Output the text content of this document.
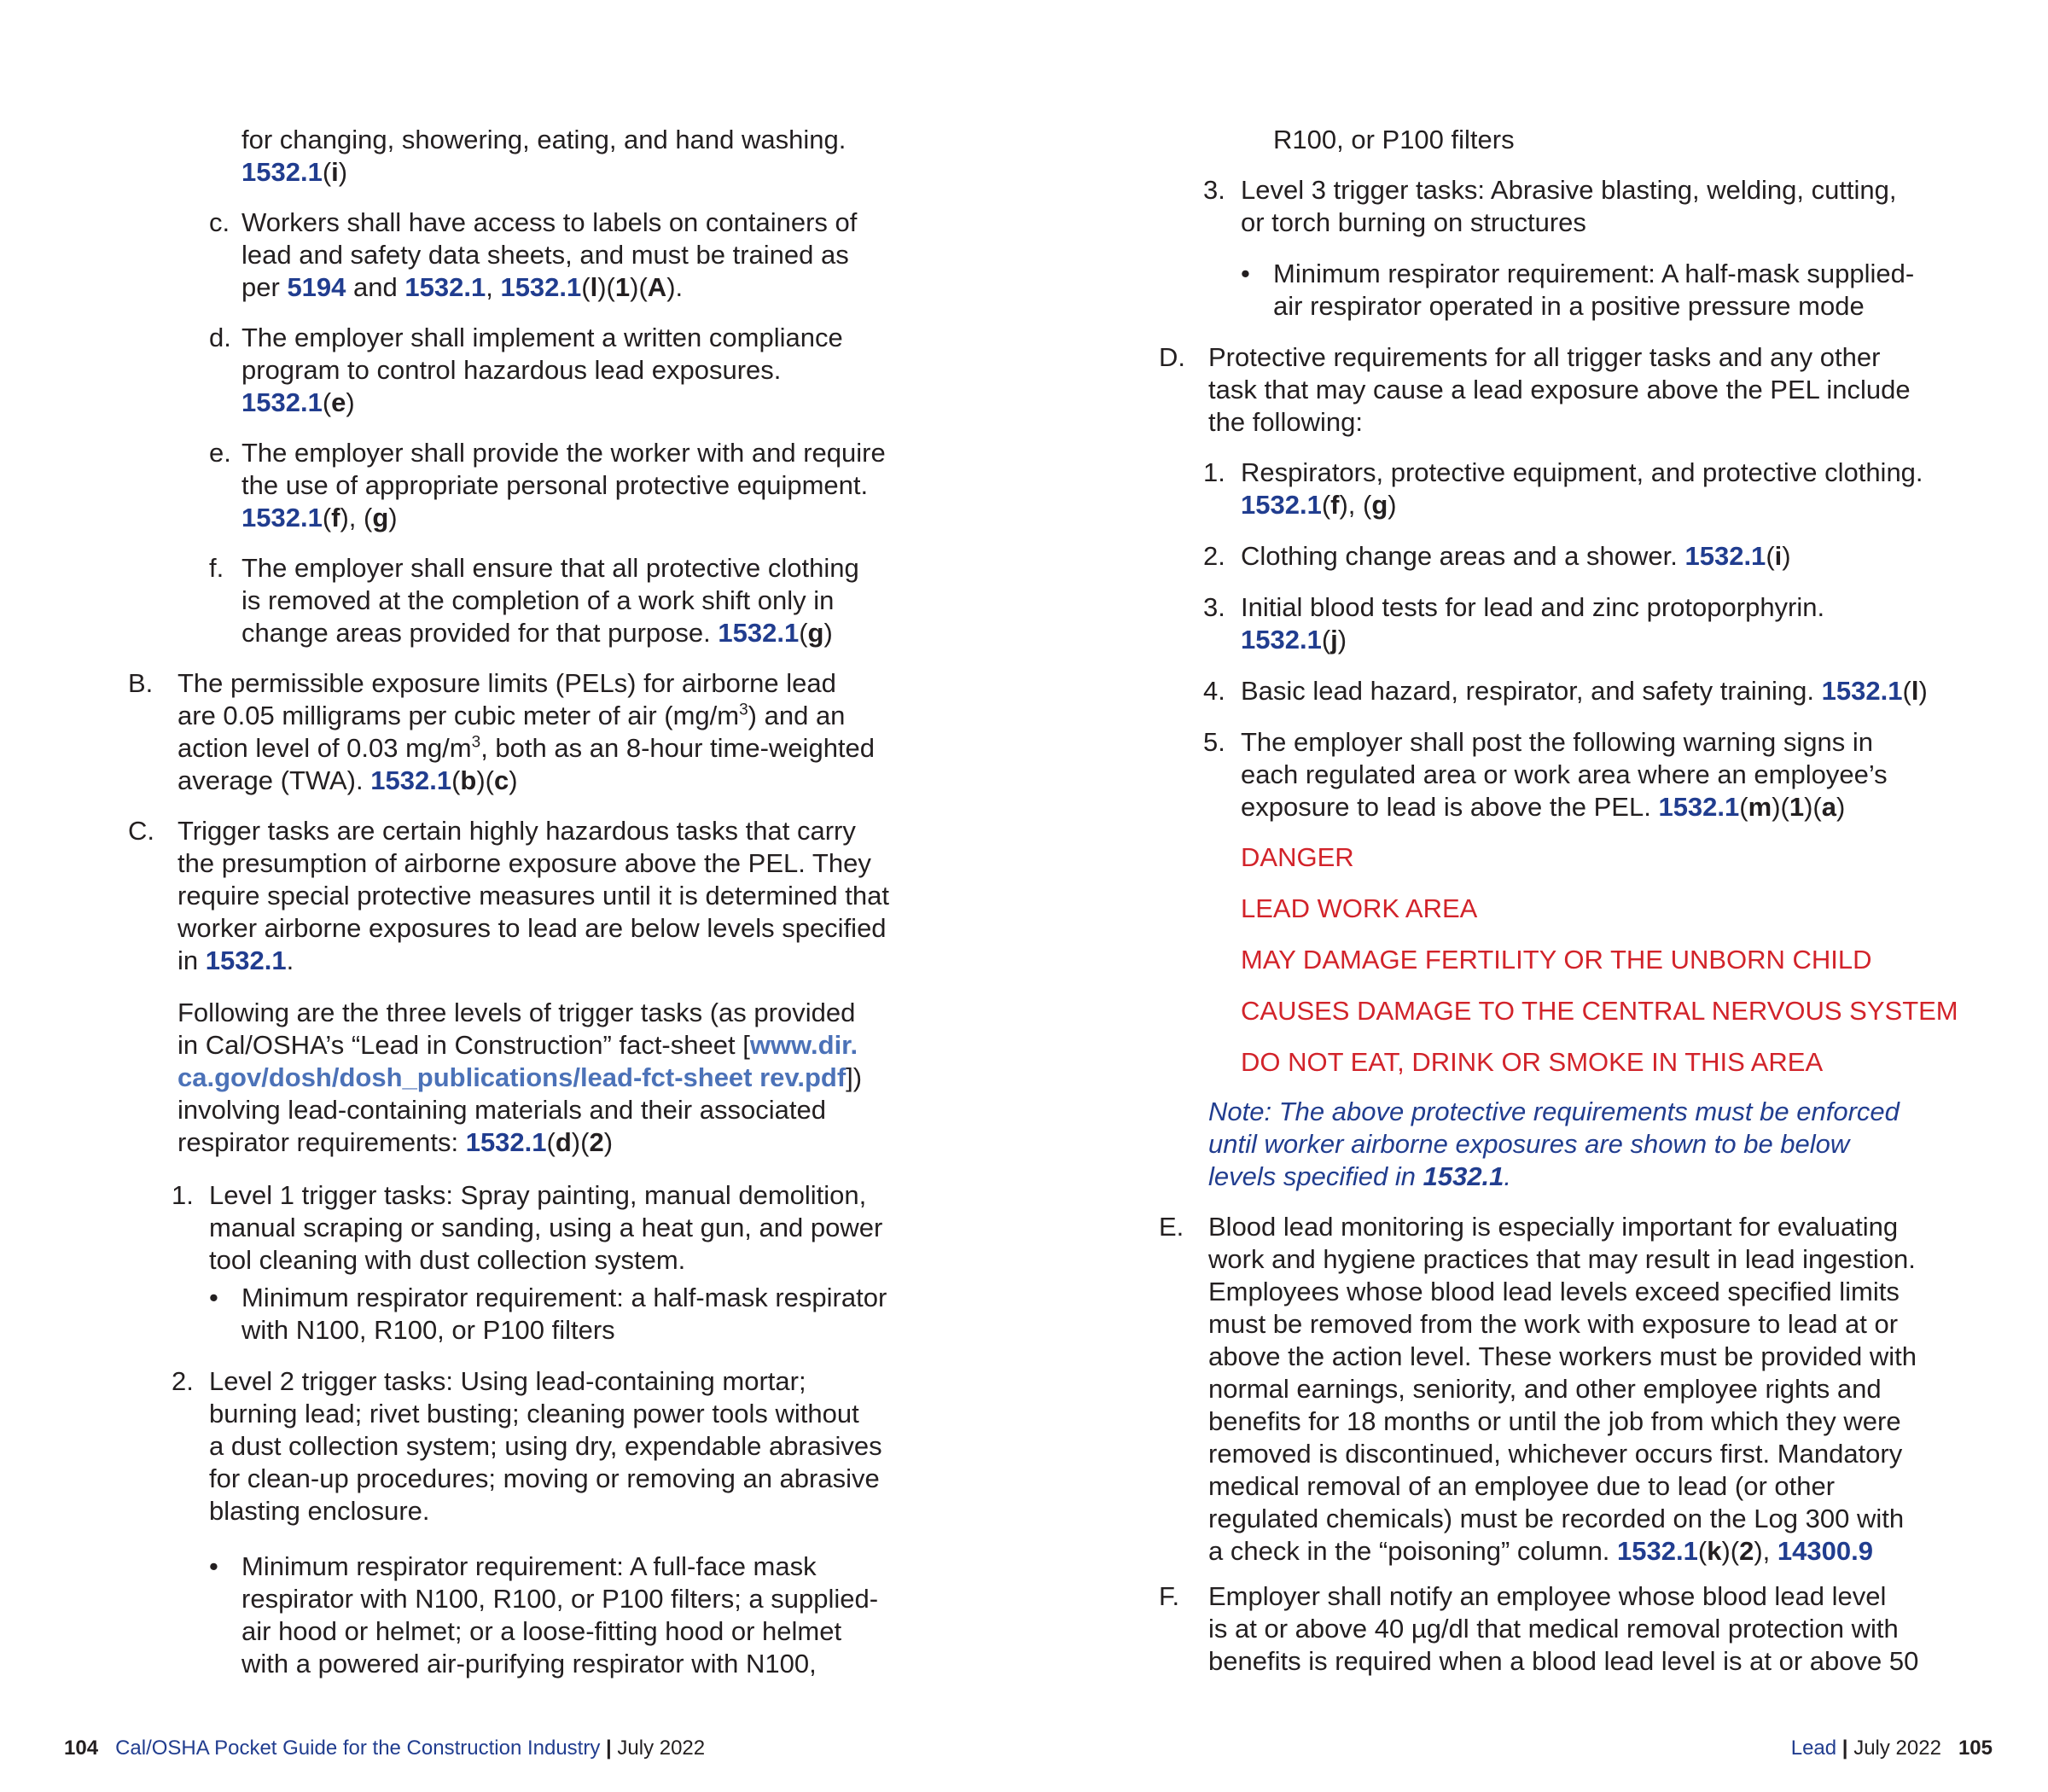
for changing, showering, eating, and hand washing.

1532.1(i)

c. Workers shall have access to labels on containers of

lead and safety data sheets, and must be trained as

per 5194 and 1532.1, 1532.1(l)(1)(A).

d. The employer shall implement a written compliance

program to control hazardous lead exposures.

1532.1(e)

e. The employer shall provide the worker with and require

the use of appropriate personal protective equipment.

1532.1(f), (g)

f. The employer shall ensure that all protective clothing

is removed at the completion of a work shift only in

change areas provided for that purpose. 1532.1(g)

B. The permissible exposure limits (PELs) for airborne lead

are 0.05 milligrams per cubic meter of air $(mg/m^3)$ and an

action level of 0.03 $mg/m^3$, both as an 8-hour time-weighted

average (TWA). 1532.1(b)(c)

C. Trigger tasks are certain highly hazardous tasks that carry

the presumption of airborne exposure above the PEL. They

require special protective measures until it is determined that

worker airborne exposures to lead are below levels specified

in 1532.1.

Following are the three levels of trigger tasks (as provided

in Cal/OSHA’s “Lead in Construction” fact-sheet [www.dir.

ca.gov/dosh/dosh_publications/lead-fct-sheet rev.pdf])

involving lead-containing materials and their associated

respirator requirements: 1532.1(d)(2)

1. Level 1 trigger tasks: Spray painting, manual demolition,

manual scraping or sanding, using a heat gun, and power

tool cleaning with dust collection system.

• Minimum respirator requirement: a half-mask respirator

with N100, R100, or P100 filters

2. Level 2 trigger tasks: Using lead-containing mortar;

burning lead; rivet busting; cleaning power tools without

a dust collection system; using dry, expendable abrasives

for clean-up procedures; moving or removing an abrasive

blasting enclosure.

• Minimum respirator requirement: A full-face mask

respirator with N100, R100, or P100 filters; a supplied-

air hood or helmet; or a loose-fitting hood or helmet

with a powered air-purifying respirator with N100,

104 Cal/OSHA Pocket Guide for the Construction Industry | July 2022

R100, or P100 filters

3. Level 3 trigger tasks: Abrasive blasting, welding, cutting,

or torch burning on structures

• Minimum respirator requirement: A half-mask supplied-

air respirator operated in a positive pressure mode

D. Protective requirements for all trigger tasks and any other

task that may cause a lead exposure above the PEL include

the following:

1. Respirators, protective equipment, and protective clothing.

1532.1(f), (g)

2. Clothing change areas and a shower. 1532.1(i)

3. Initial blood tests for lead and zinc protoporphyrin.

1532.1(j)

4. Basic lead hazard, respirator, and safety training. 1532.1(l)

5. The employer shall post the following warning signs in

each regulated area or work area where an employee’s

exposure to lead is above the PEL. 1532.1(m)(1)(a)

DANGER

LEAD WORK AREA

MAY DAMAGE FERTILITY OR THE UNBORN CHILD

CAUSES DAMAGE TO THE CENTRAL NERVOUS SYSTEM

DO NOT EAT, DRINK OR SMOKE IN THIS AREA

Note: The above protective requirements must be enforced

until worker airborne exposures are shown to be below

levels specified in 1532.1.

E. Blood lead monitoring is especially important for evaluating

work and hygiene practices that may result in lead ingestion.

Employees whose blood lead levels exceed specified limits

must be removed from the work with exposure to lead at or

above the action level. These workers must be provided with

normal earnings, seniority, and other employee rights and

benefits for 18 months or until the job from which they were

removed is discontinued, whichever occurs first. Mandatory

medical removal of an employee due to lead (or other

regulated chemicals) must be recorded on the Log 300 with

a check in the “poisoning” column. 1532.1(k)(2), 14300.9

F. Employer shall notify an employee whose blood lead level

is at or above 40 µg/dl that medical removal protection with

benefits is required when a blood lead level is at or above 50

Lead | July 2022 105
